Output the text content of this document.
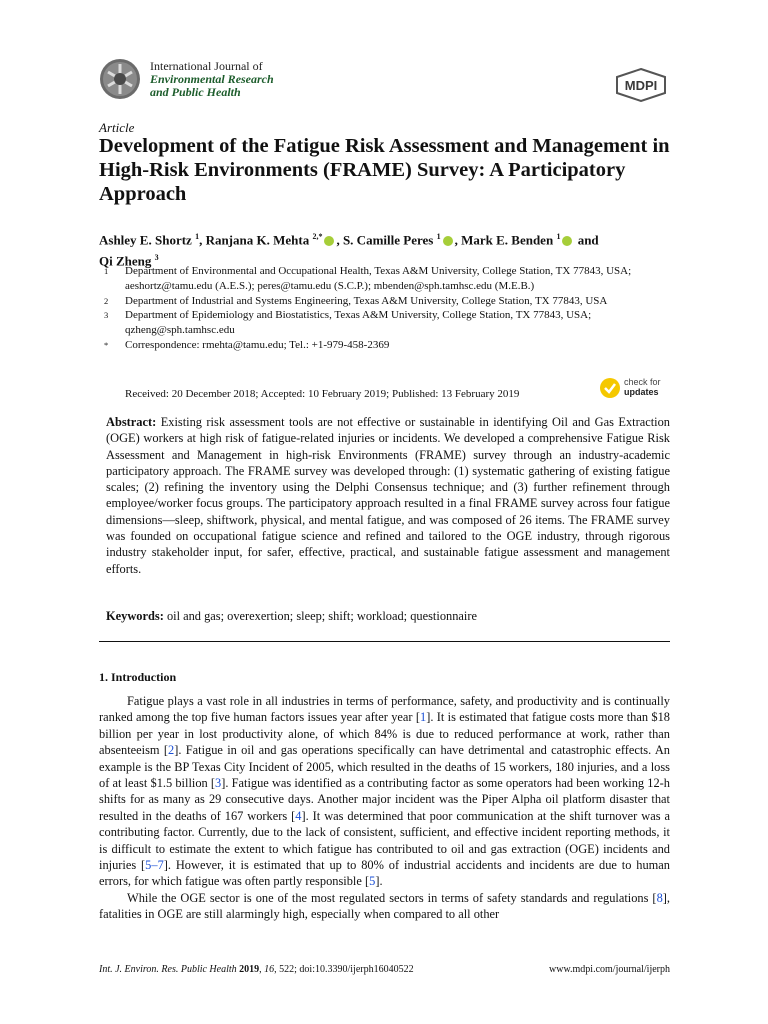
International Journal of
Environmental Research
and Public Health	MDPI
Article
Development of the Fatigue Risk Assessment and Management in High-Risk Environments (FRAME) Survey: A Participatory Approach
Ashley E. Shortz $^1$, Ranjana K. Mehta $^{2,*}$ , S. Camille Peres $^1$ , Mark E. Benden $^1$ and
Qi Zheng $^3$
1	Department of Environmental and Occupational Health, Texas A&M University, College Station, TX 77843, USA; aeshortz@tamu.edu (A.E.S.); peres@tamu.edu (S.C.P.); mbenden@sph.tamhsc.edu (M.E.B.)
2	Department of Industrial and Systems Engineering, Texas A&M University, College Station, TX 77843, USA
3	Department of Epidemiology and Biostatistics, Texas A&M University, College Station, TX 77843, USA; qzheng@sph.tamhsc.edu
*	Correspondence: rmehta@tamu.edu; Tel.: +1-979-458-2369
Received: 20 December 2018; Accepted: 10 February 2019; Published: 13 February 2019
check for
updates
Abstract: Existing risk assessment tools are not effective or sustainable in identifying Oil and Gas Extraction (OGE) workers at high risk of fatigue-related injuries or incidents. We developed a comprehensive Fatigue Risk Assessment and Management in high-risk Environments (FRAME) survey through an industry-academic participatory approach. The FRAME survey was developed through: (1) systematic gathering of existing fatigue scales; (2) refining the inventory using the Delphi Consensus technique; and (3) further refinement through employee/worker focus groups. The participatory approach resulted in a final FRAME survey across four fatigue dimensions—sleep, shiftwork, physical, and mental fatigue, and was composed of 26 items. The FRAME survey was founded on occupational fatigue science and refined and tailored to the OGE industry, through rigorous industry stakeholder input, for safer, effective, practical, and sustainable fatigue assessment and management efforts.
Keywords: oil and gas; overexertion; sleep; shift; workload; questionnaire
1. Introduction

Fatigue plays a vast role in all industries in terms of performance, safety, and productivity and is continually ranked among the top five human factors issues year after year [1]. It is estimated that fatigue costs more than $18 billion per year in lost productivity alone, of which 84% is due to reduced performance at work, rather than absenteeism [2]. Fatigue in oil and gas operations specifically can have detrimental and catastrophic effects. An example is the BP Texas City Incident of 2005, which resulted in the deaths of 15 workers, 180 injuries, and a loss of at least $1.5 billion [3]. Fatigue was identified as a contributing factor as some operators had been working 12-h shifts for as many as 29 consecutive days. Another major incident was the Piper Alpha oil platform disaster that resulted in the deaths of 167 workers [4]. It was determined that poor communication at the shift turnover was a contributing factor. Currently, due to the lack of consistent, sufficient, and effective incident reporting methods, it is difficult to estimate the extent to which fatigue has contributed to oil and gas extraction (OGE) incidents and injuries [5–7]. However, it is estimated that up to 80% of industrial accidents and incidents are due to human errors, for which fatigue was often partly responsible [5].

While the OGE sector is one of the most regulated sectors in terms of safety standards and regulations [8], fatalities in OGE are still alarmingly high, especially when compared to all other

Int. J. Environ. Res. Public Health 2019, 16, 522; doi:10.3390/ijerph16040522	www.mdpi.com/journal/ijerph
